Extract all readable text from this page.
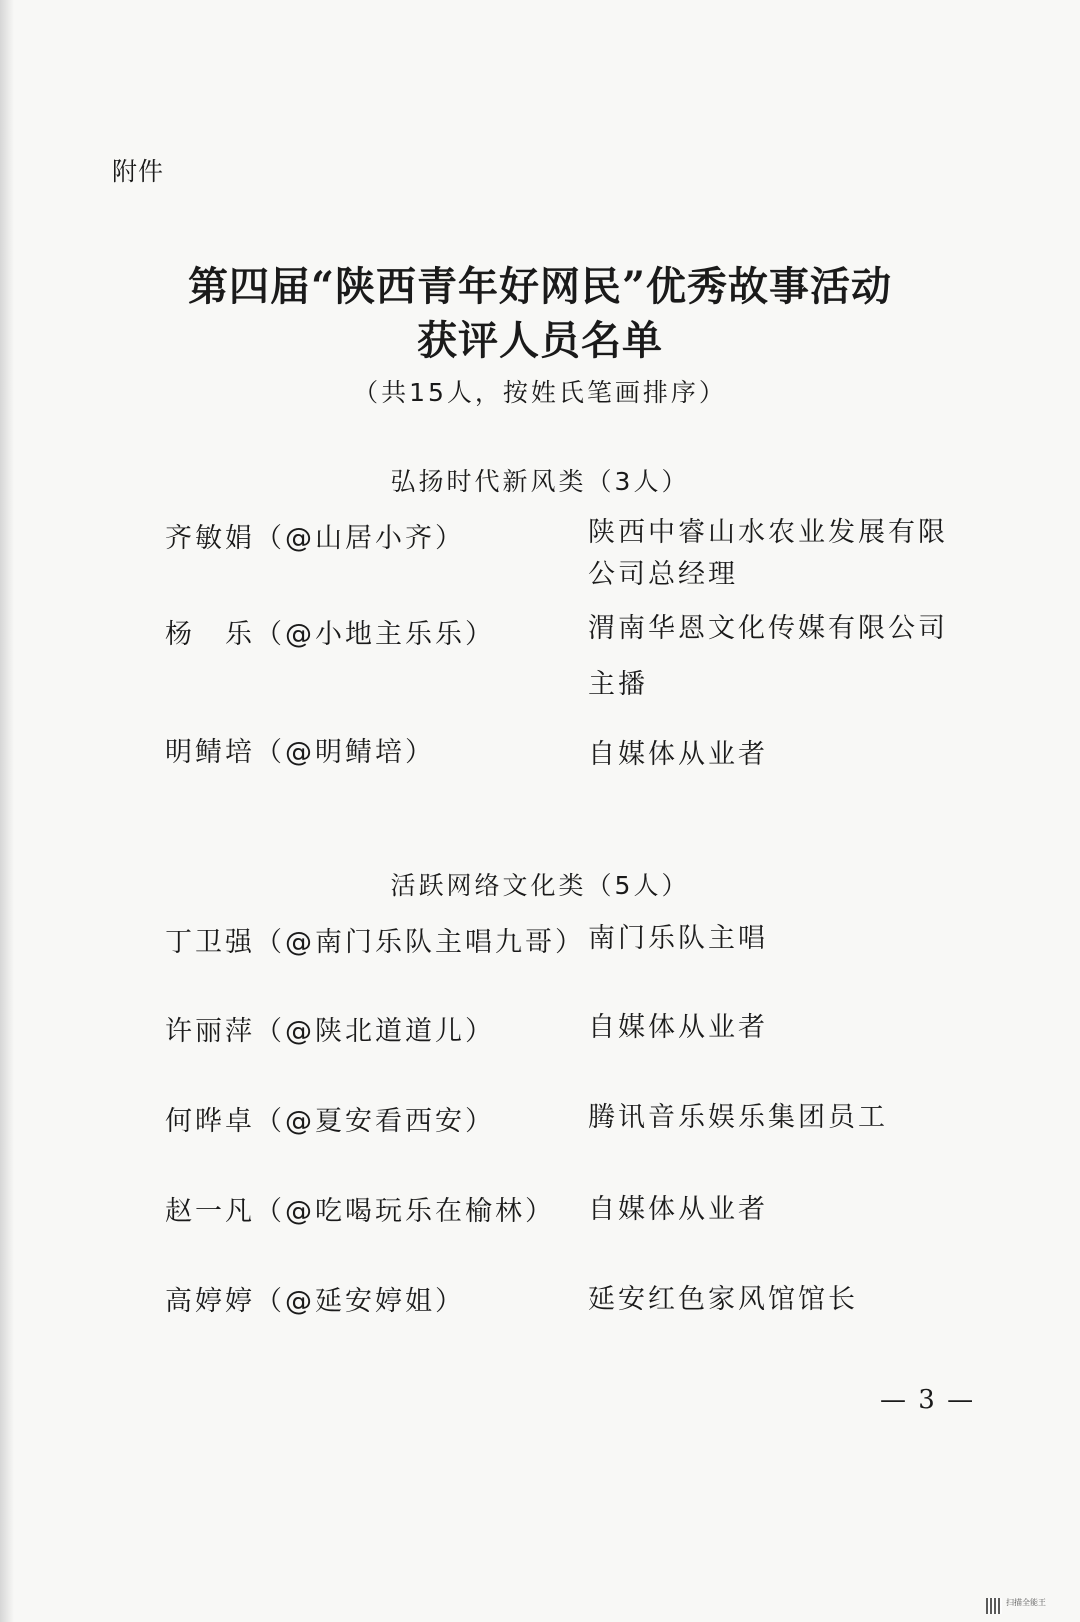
附件
第四届“陕西青年好网民”优秀故事活动
获评人员名单
（共15人，按姓氏笔画排序）
弘扬时代新风类（3人）
齐敏娟（@山居小齐）	陕西中睿山水农业发展有限
公司总经理
杨　乐（@小地主乐乐）	渭南华恩文化传媒有限公司
主播
明鲭培（@明鲭培）	自媒体从业者
活跃网络文化类（5人）
丁卫强（@南门乐队主唱九哥） 南门乐队主唱
许丽萍（@陕北道道儿）	自媒体从业者
何晔卓（@夏安看西安）	腾讯音乐娱乐集团员工
赵一凡（@吃喝玩乐在榆林） 自媒体从业者
高婷婷（@延安婷姐）	延安红色家风馆馆长
— 3 —
扫描全能王
